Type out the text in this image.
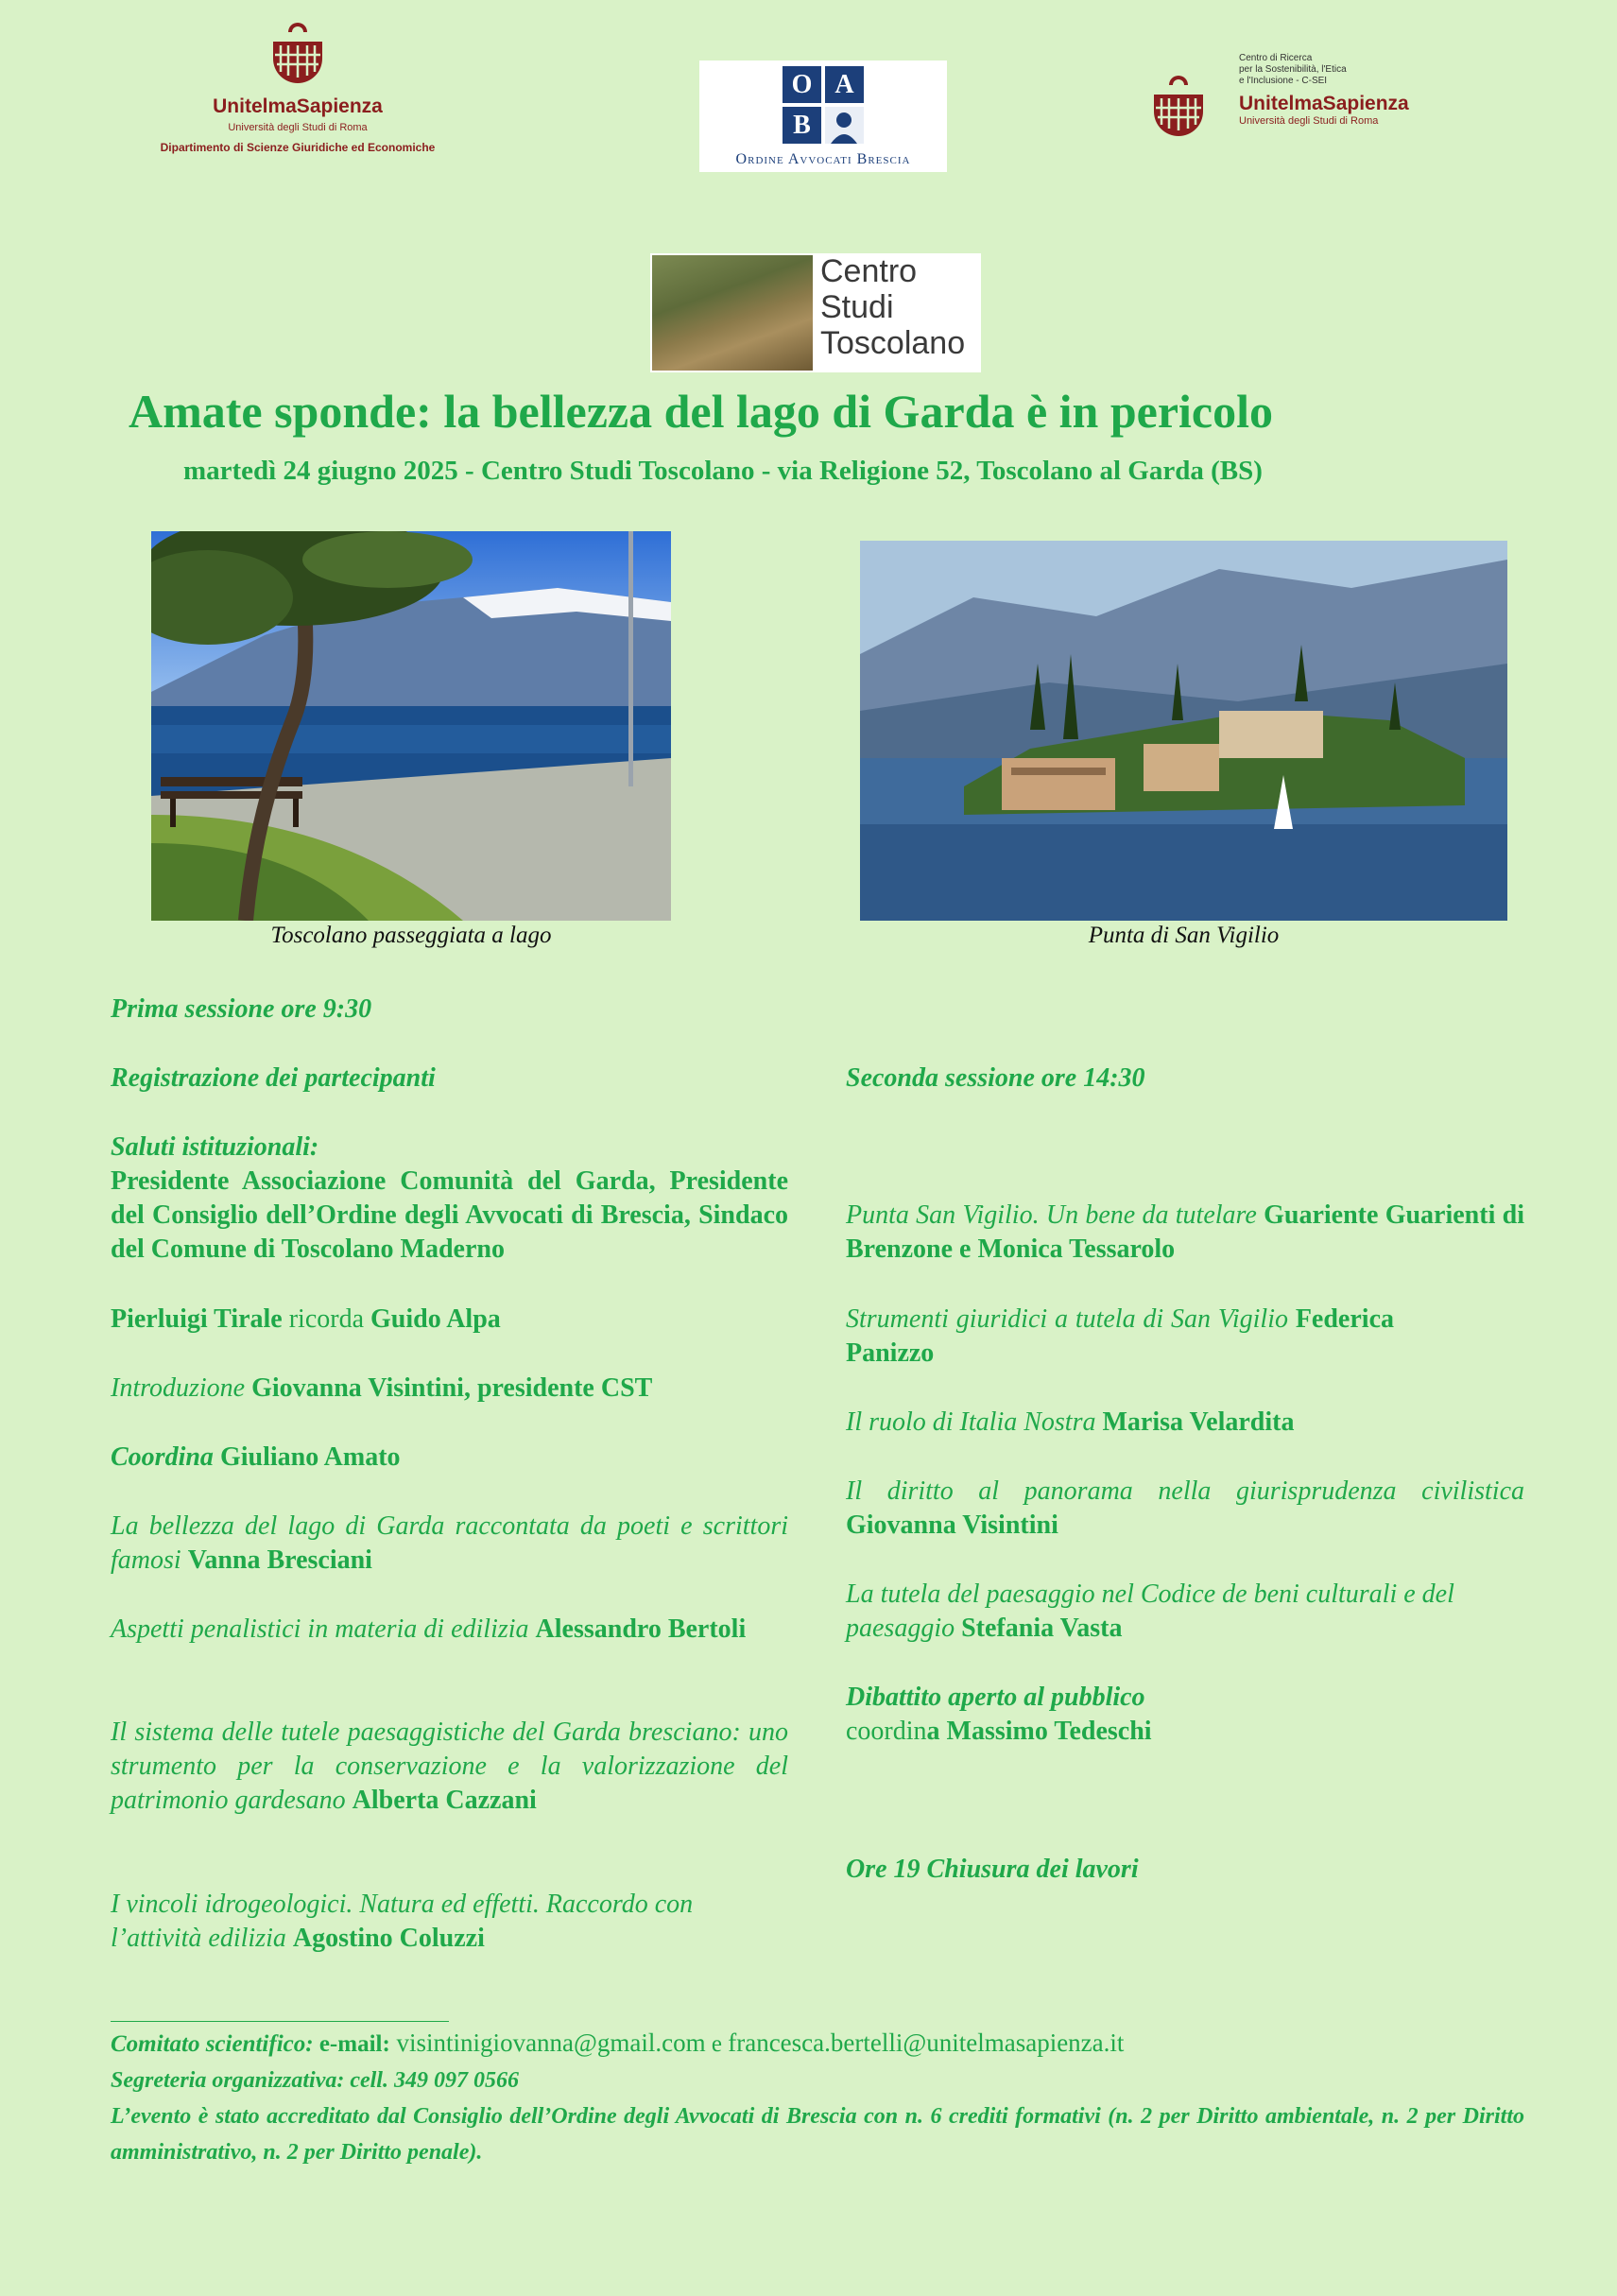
UnitelmaSapienza
Università degli Studi di Roma
Dipartimento di Scienze Giuridiche ed Economiche
O A
B
Ordine Avvocati Brescia
Centro di Ricerca
per la Sostenibilità, l'Etica
e l'Inclusione - C-SEI
UnitelmaSapienza
Università degli Studi di Roma
Centro
Studi
Toscolano
Amate sponde: la bellezza del lago di Garda è in pericolo
martedì 24 giugno 2025 - Centro Studi Toscolano - via Religione 52, Toscolano al Garda (BS)
Toscolano passeggiata a lago	Punta di San Vigilio
Prima sessione ore 9:30
Registrazione dei partecipanti
Saluti istituzionali:
Presidente Associazione Comunità del Garda, Presidente del Consiglio dell’Ordine degli Avvocati di Brescia, Sindaco del Comune di Toscolano Maderno
Pierluigi Tirale ricorda Guido Alpa
Introduzione Giovanna Visintini, presidente CST
Coordina Giuliano Amato
La bellezza del lago di Garda raccontata da poeti e scrittori famosi Vanna Bresciani
Aspetti penalistici in materia di edilizia Alessandro Bertoli
Il sistema delle tutele paesaggistiche del Garda bresciano: uno strumento per la conservazione e la valorizzazione del patrimonio gardesano Alberta Cazzani
I vincoli idrogeologici. Natura ed effetti. Raccordo con l’attività edilizia Agostino Coluzzi
Seconda sessione ore 14:30
Punta San Vigilio. Un bene da tutelare Guariente Guarienti di Brenzone e Monica Tessarolo
Strumenti giuridici a tutela di San Vigilio Federica Panizzo
Il ruolo di Italia Nostra Marisa Velardita
Il diritto al panorama nella giurisprudenza civilistica Giovanna Visintini
La tutela del paesaggio nel Codice de beni culturali e del paesaggio Stefania Vasta
Dibattito aperto al pubblico
coordina Massimo Tedeschi
Ore 19 Chiusura dei lavori
Comitato scientifico: e-mail: visintinigiovanna@gmail.com e francesca.bertelli@unitelmasapienza.it
Segreteria organizzativa: cell. 349 097 0566
L’evento è stato accreditato dal Consiglio dell’Ordine degli Avvocati di Brescia con n. 6 crediti formativi (n. 2 per Diritto ambientale, n. 2 per Diritto amministrativo, n. 2 per Diritto penale).
